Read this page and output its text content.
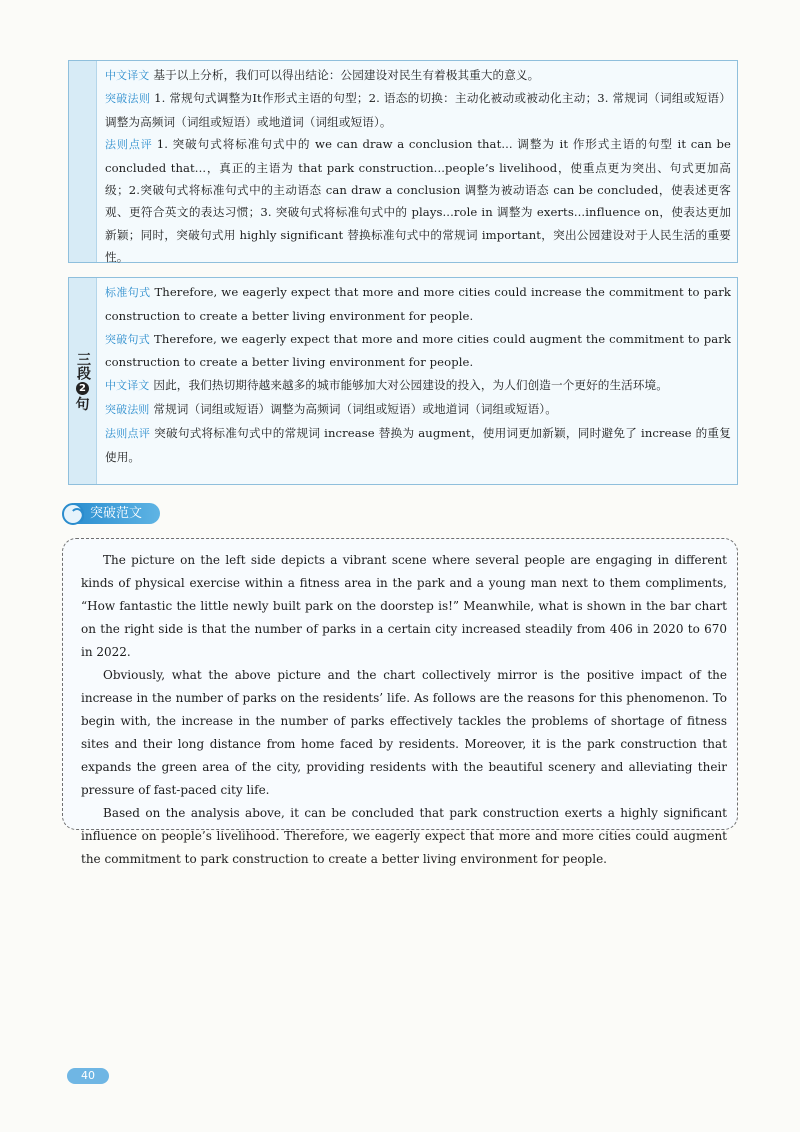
中文译文 基于以上分析，我们可以得出结论：公园建设对民生有着极其重大的意义。

突破法则 1. 常规句式调整为It作形式主语的句型；2. 语态的切换：主动化被动或被动化主动；3. 常规词（词组或短语）调整为高频词（词组或短语）或地道词（词组或短语）。

法则点评 1. 突破句式将标准句式中的 we can draw a conclusion that... 调整为 it 作形式主语的句型 it can be concluded that...，真正的主语为 that park construction...people’s livelihood，使重点更为突出、句式更加高级；2.突破句式将标准句式中的主动语态 can draw a conclusion 调整为被动语态 can be concluded，使表述更客观、更符合英文的表达习惯；3. 突破句式将标准句式中的 plays...role in 调整为 exerts...influence on，使表达更加新颖；同时，突破句式用 highly significant 替换标准句式中的常规词 important，突出公园建设对于人民生活的重要性。

三段
2
句

标准句式 Therefore, we eagerly expect that more and more cities could increase the commitment to park construction to create a better living environment for people.

突破句式 Therefore, we eagerly expect that more and more cities could augment the commitment to park construction to create a better living environment for people.

中文译文 因此，我们热切期待越来越多的城市能够加大对公园建设的投入，为人们创造一个更好的生活环境。

突破法则 常规词（词组或短语）调整为高频词（词组或短语）或地道词（词组或短语）。

法则点评 突破句式将标准句式中的常规词 increase 替换为 augment，使用词更加新颖，同时避免了 increase 的重复使用。

突破范文

The picture on the left side depicts a vibrant scene where several people are engaging in different kinds of physical exercise within a fitness area in the park and a young man next to them compliments, “How fantastic the little newly built park on the doorstep is!” Meanwhile, what is shown in the bar chart on the right side is that the number of parks in a certain city increased steadily from 406 in 2020 to 670 in 2022.

Obviously, what the above picture and the chart collectively mirror is the positive impact of the increase in the number of parks on the residents’ life. As follows are the reasons for this phenomenon. To begin with, the increase in the number of parks effectively tackles the problems of shortage of fitness sites and their long distance from home faced by residents. Moreover, it is the park construction that expands the green area of the city, providing residents with the beautiful scenery and alleviating their pressure of fast-paced city life.

Based on the analysis above, it can be concluded that park construction exerts a highly significant influence on people’s livelihood. Therefore, we eagerly expect that more and more cities could augment the commitment to park construction to create a better living environment for people.

40
